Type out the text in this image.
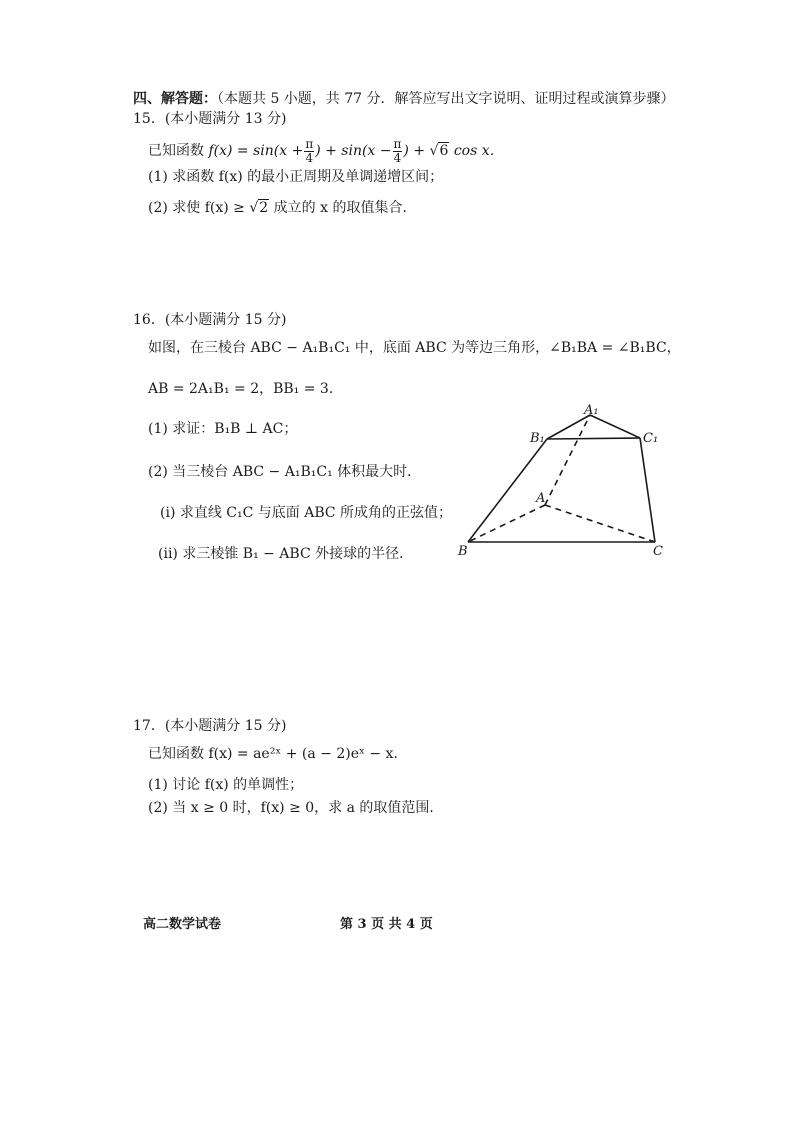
四、解答题：（本题共 5 小题，共 77 分．解答应写出文字说明、证明过程或演算步骤）
15．(本小题满分 13 分)
已知函数 $f(x) = \sin(x + \frac{\pi}{4}$ ) + $\sin(x - \frac{\pi}{4}$ ) + √6 cos x．
(1) 求函数 f(x) 的最小正周期及单调递增区间；
(2) 求使 f(x) ≥ √2 成立的 x 的取值集合．
16．(本小题满分 15 分)
如图，在三棱台 ABC − A₁B₁C₁ 中，底面 ABC 为等边三角形，∠B₁BA = ∠B₁BC，
AB = 2A₁B₁ = 2，BB₁ = 3．
(1) 求证：B₁B ⊥ AC；
(2) 当三棱台 ABC − A₁B₁C₁ 体积最大时．
(i) 求直线 C₁C 与底面 ABC 所成角的正弦值；
(ii) 求三棱锥 B₁ − ABC 外接球的半径．
A₁
B₁	C₁
A
B	C
17．(本小题满分 15 分)
已知函数 f(x) = ae²ˣ + (a − 2)eˣ − x．
(1) 讨论 f(x) 的单调性；
(2) 当 x ≥ 0 时，f(x) ≥ 0，求 a 的取值范围．
高二数学试卷	第 3 页 共 4 页
